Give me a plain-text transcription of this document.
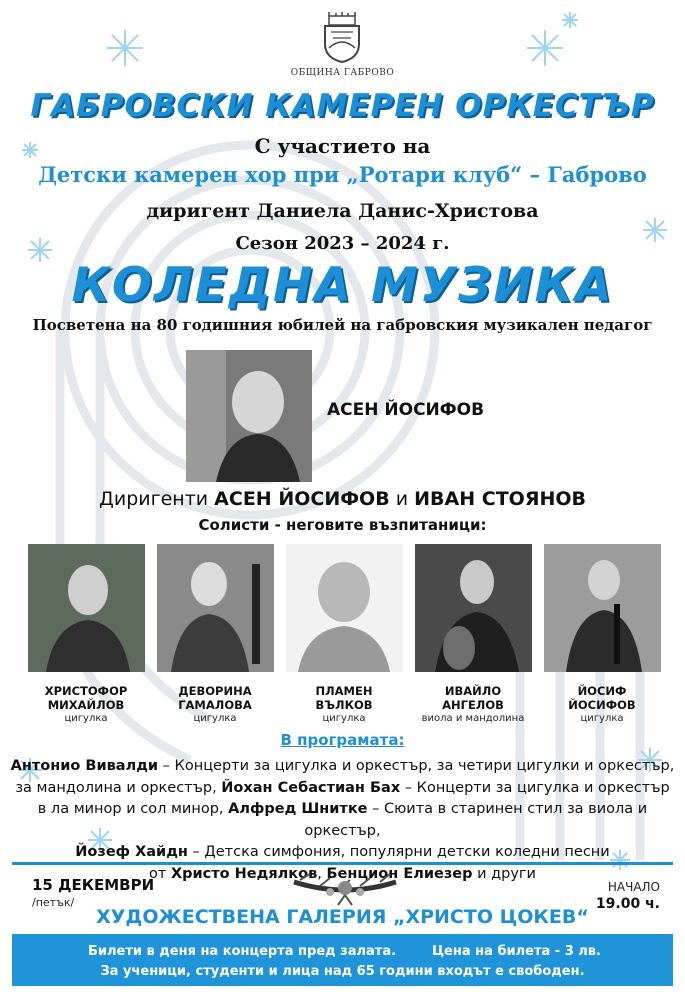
ОБЩИНА ГАБРОВО
ГАБРОВСКИ КАМЕРЕН ОРКЕСТЪР
С участието на
Детски камерен хор при „Ротари клуб“ – Габрово
диригент Даниела Данис-Христова
Сезон 2023 – 2024 г.
КОЛЕДНА МУЗИКА
Посветена на 80 годишния юбилей на габровския музикален педагог
АСЕН ЙОСИФОВ
Диригенти АСЕН ЙОСИФОВ и ИВАН СТОЯНОВ
Солисти - неговите възпитаници:
ХРИСТОФОР
МИХАЙЛОВ
ДЕВОРИНА
ГАМАЛОВА
ПЛАМЕН
ВЪЛКОВ
ИВАЙЛО
АНГЕЛОВ
ЙОСИФ
ЙОСИФОВ
цигулка	цигулка	цигулка	виола и мандолина	цигулка
В програмата:
Антонио Вивалди – Концерти за цигулка и оркестър, за четири цигулки и оркестър,
за мандолина и оркестър, Йохан Себастиан Бах – Концерти за цигулка и оркестър
в ла минор и сол минор, Алфред Шнитке – Сюита в старинен стил за виола и оркестър,
Йозеф Хайдн – Детска симфония, популярни детски коледни песни
от Христо Недялков, Бенцион Елиезер и други
15 ДЕКЕМВРИ
/петък/
НАЧАЛО
19.00 ч.
ХУДОЖЕСТВЕНА ГАЛЕРИЯ „ХРИСТО ЦОКЕВ“
Билети в деня на концерта пред залата.	Цена на билета - 3 лв.
За ученици, студенти и лица над 65 години входът е свободен.
